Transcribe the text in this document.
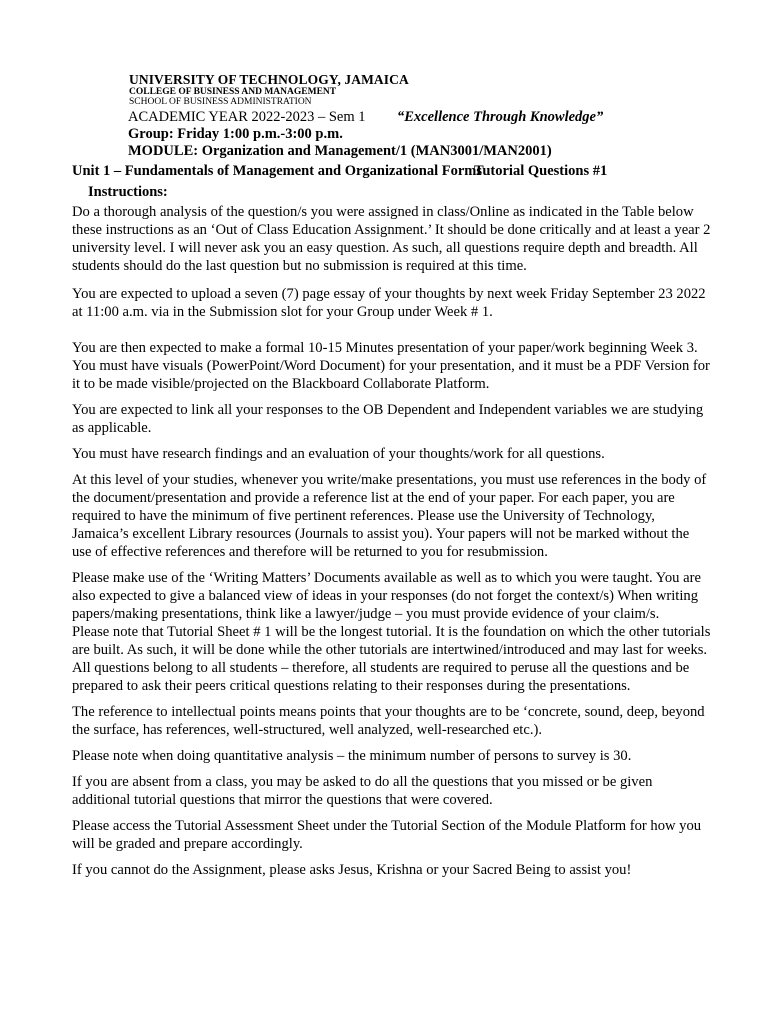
UNIVERSITY OF TECHNOLOGY, JAMAICA
COLLEGE OF BUSINESS AND MANAGEMENT
SCHOOL OF BUSINESS ADMINISTRATION
ACADEMIC YEAR 2022-2023 – Sem 1 “Excellence Through Knowledge”
Group: Friday 1:00 p.m.-3:00 p.m.
MODULE: Organization and Management/1 (MAN3001/MAN2001)
Unit 1 – Fundamentals of Management and Organizational Forms
Tutorial Questions #1
Instructions:

Do a thorough analysis of the question/s you were assigned in class/Online as indicated in the Table below these instructions as an ‘Out of Class Education Assignment.’ It should be done critically and at least a year 2 university level. I will never ask you an easy question. As such, all questions require depth and breadth. All students should do the last question but no submission is required at this time.

You are expected to upload a seven (7) page essay of your thoughts by next week Friday September 23 2022 at 11:00 a.m. via in the Submission slot for your Group under Week # 1.

You are then expected to make a formal 10-15 Minutes presentation of your paper/work beginning Week 3. You must have visuals (PowerPoint/Word Document) for your presentation, and it must be a PDF Version for it to be made visible/projected on the Blackboard Collaborate Platform.

You are expected to link all your responses to the OB Dependent and Independent variables we are studying as applicable.

You must have research findings and an evaluation of your thoughts/work for all questions.

At this level of your studies, whenever you write/make presentations, you must use references in the body of the document/presentation and provide a reference list at the end of your paper. For each paper, you are required to have the minimum of five pertinent references. Please use the University of Technology, Jamaica’s excellent Library resources (Journals to assist you). Your papers will not be marked without the use of effective references and therefore will be returned to you for resubmission.

Please make use of the ‘Writing Matters’ Documents available as well as to which you were taught. You are also expected to give a balanced view of ideas in your responses (do not forget the context/s) When writing papers/making presentations, think like a lawyer/judge – you must provide evidence of your claim/s.

Please note that Tutorial Sheet # 1 will be the longest tutorial. It is the foundation on which the other tutorials are built. As such, it will be done while the other tutorials are intertwined/introduced and may last for weeks.

All questions belong to all students – therefore, all students are required to peruse all the questions and be prepared to ask their peers critical questions relating to their responses during the presentations.

The reference to intellectual points means points that your thoughts are to be ‘concrete, sound, deep, beyond the surface, has references, well-structured, well analyzed, well-researched etc.).

Please note when doing quantitative analysis – the minimum number of persons to survey is 30.

If you are absent from a class, you may be asked to do all the questions that you missed or be given additional tutorial questions that mirror the questions that were covered.

Please access the Tutorial Assessment Sheet under the Tutorial Section of the Module Platform for how you will be graded and prepare accordingly.

If you cannot do the Assignment, please asks Jesus, Krishna or your Sacred Being to assist you!
